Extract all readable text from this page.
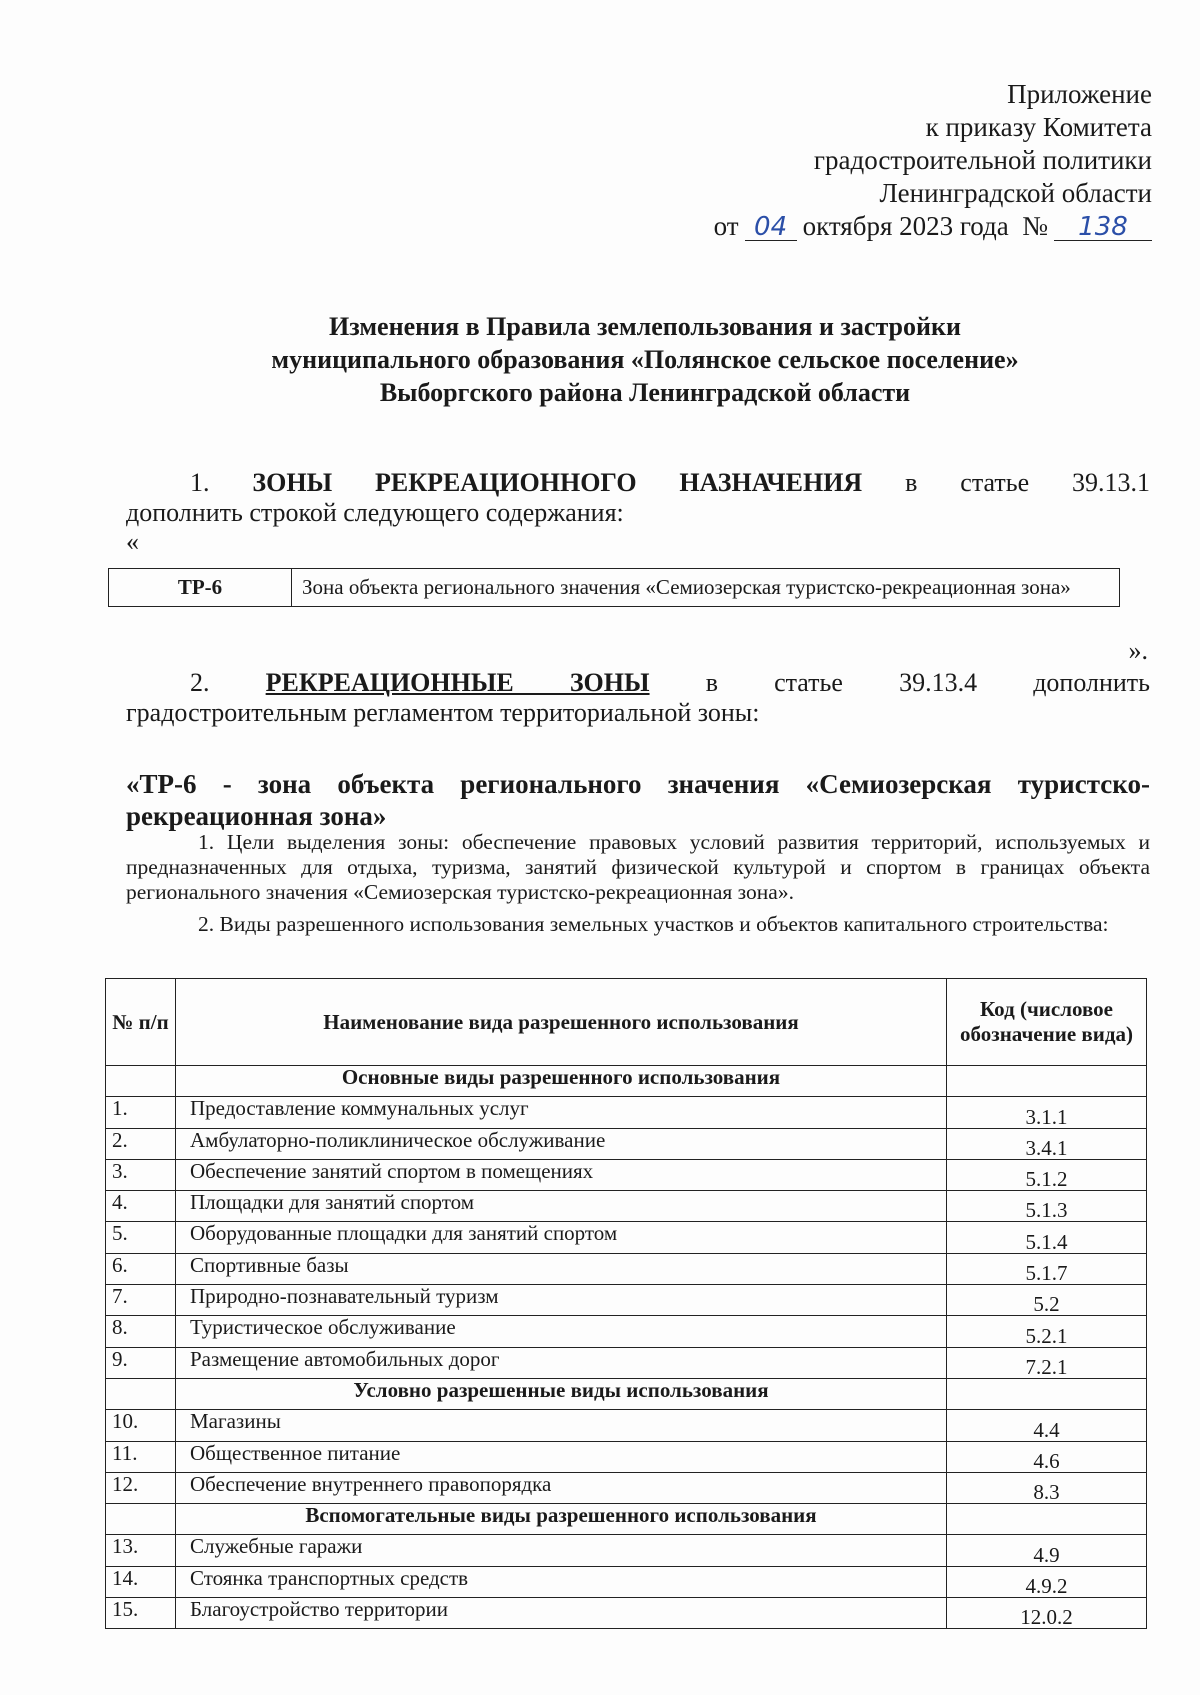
Приложение
к приказу Комитета
градостроительной политики
Ленинградской области
от 04 октября 2023 года № 138
Изменения в Правила землепользования и застройки
муниципального образования «Полянское сельское поселение»
Выборгского района Ленинградской области
1. ЗОНЫ РЕКРЕАЦИОННОГО НАЗНАЧЕНИЯ в статье 39.13.1
дополнить строкой следующего содержания:
«
ТР-6	Зона объекта регионального значения «Семиозерская туристско-рекреационная зона»
».
2. РЕКРЕАЦИОННЫЕ ЗОНЫ в статье 39.13.4 дополнить
градостроительным регламентом территориальной зоны:
«ТР-6 - зона объекта регионального значения «Семиозерская туристско-рекреационная зона»
1. Цели выделения зоны: обеспечение правовых условий развития территорий, используемых и предназначенных для отдыха, туризма, занятий физической культурой и спортом в границах объекта регионального значения «Семиозерская туристско-рекреационная зона».
2. Виды разрешенного использования земельных участков и объектов капитального строительства:
№ п/п	Наименование вида разрешенного использования	Код (числовое обозначение вида)
	Основные виды разрешенного использования	
1.	Предоставление коммунальных услуг	3.1.1
2.	Амбулаторно-поликлиническое обслуживание	3.4.1
3.	Обеспечение занятий спортом в помещениях	5.1.2
4.	Площадки для занятий спортом	5.1.3
5.	Оборудованные площадки для занятий спортом	5.1.4
6.	Спортивные базы	5.1.7
7.	Природно-познавательный туризм	5.2
8.	Туристическое обслуживание	5.2.1
9.	Размещение автомобильных дорог	7.2.1
	Условно разрешенные виды использования	
10.	Магазины	4.4
11.	Общественное питание	4.6
12.	Обеспечение внутреннего правопорядка	8.3
	Вспомогательные виды разрешенного использования	
13.	Служебные гаражи	4.9
14.	Стоянка транспортных средств	4.9.2
15.	Благоустройство территории	12.0.2
